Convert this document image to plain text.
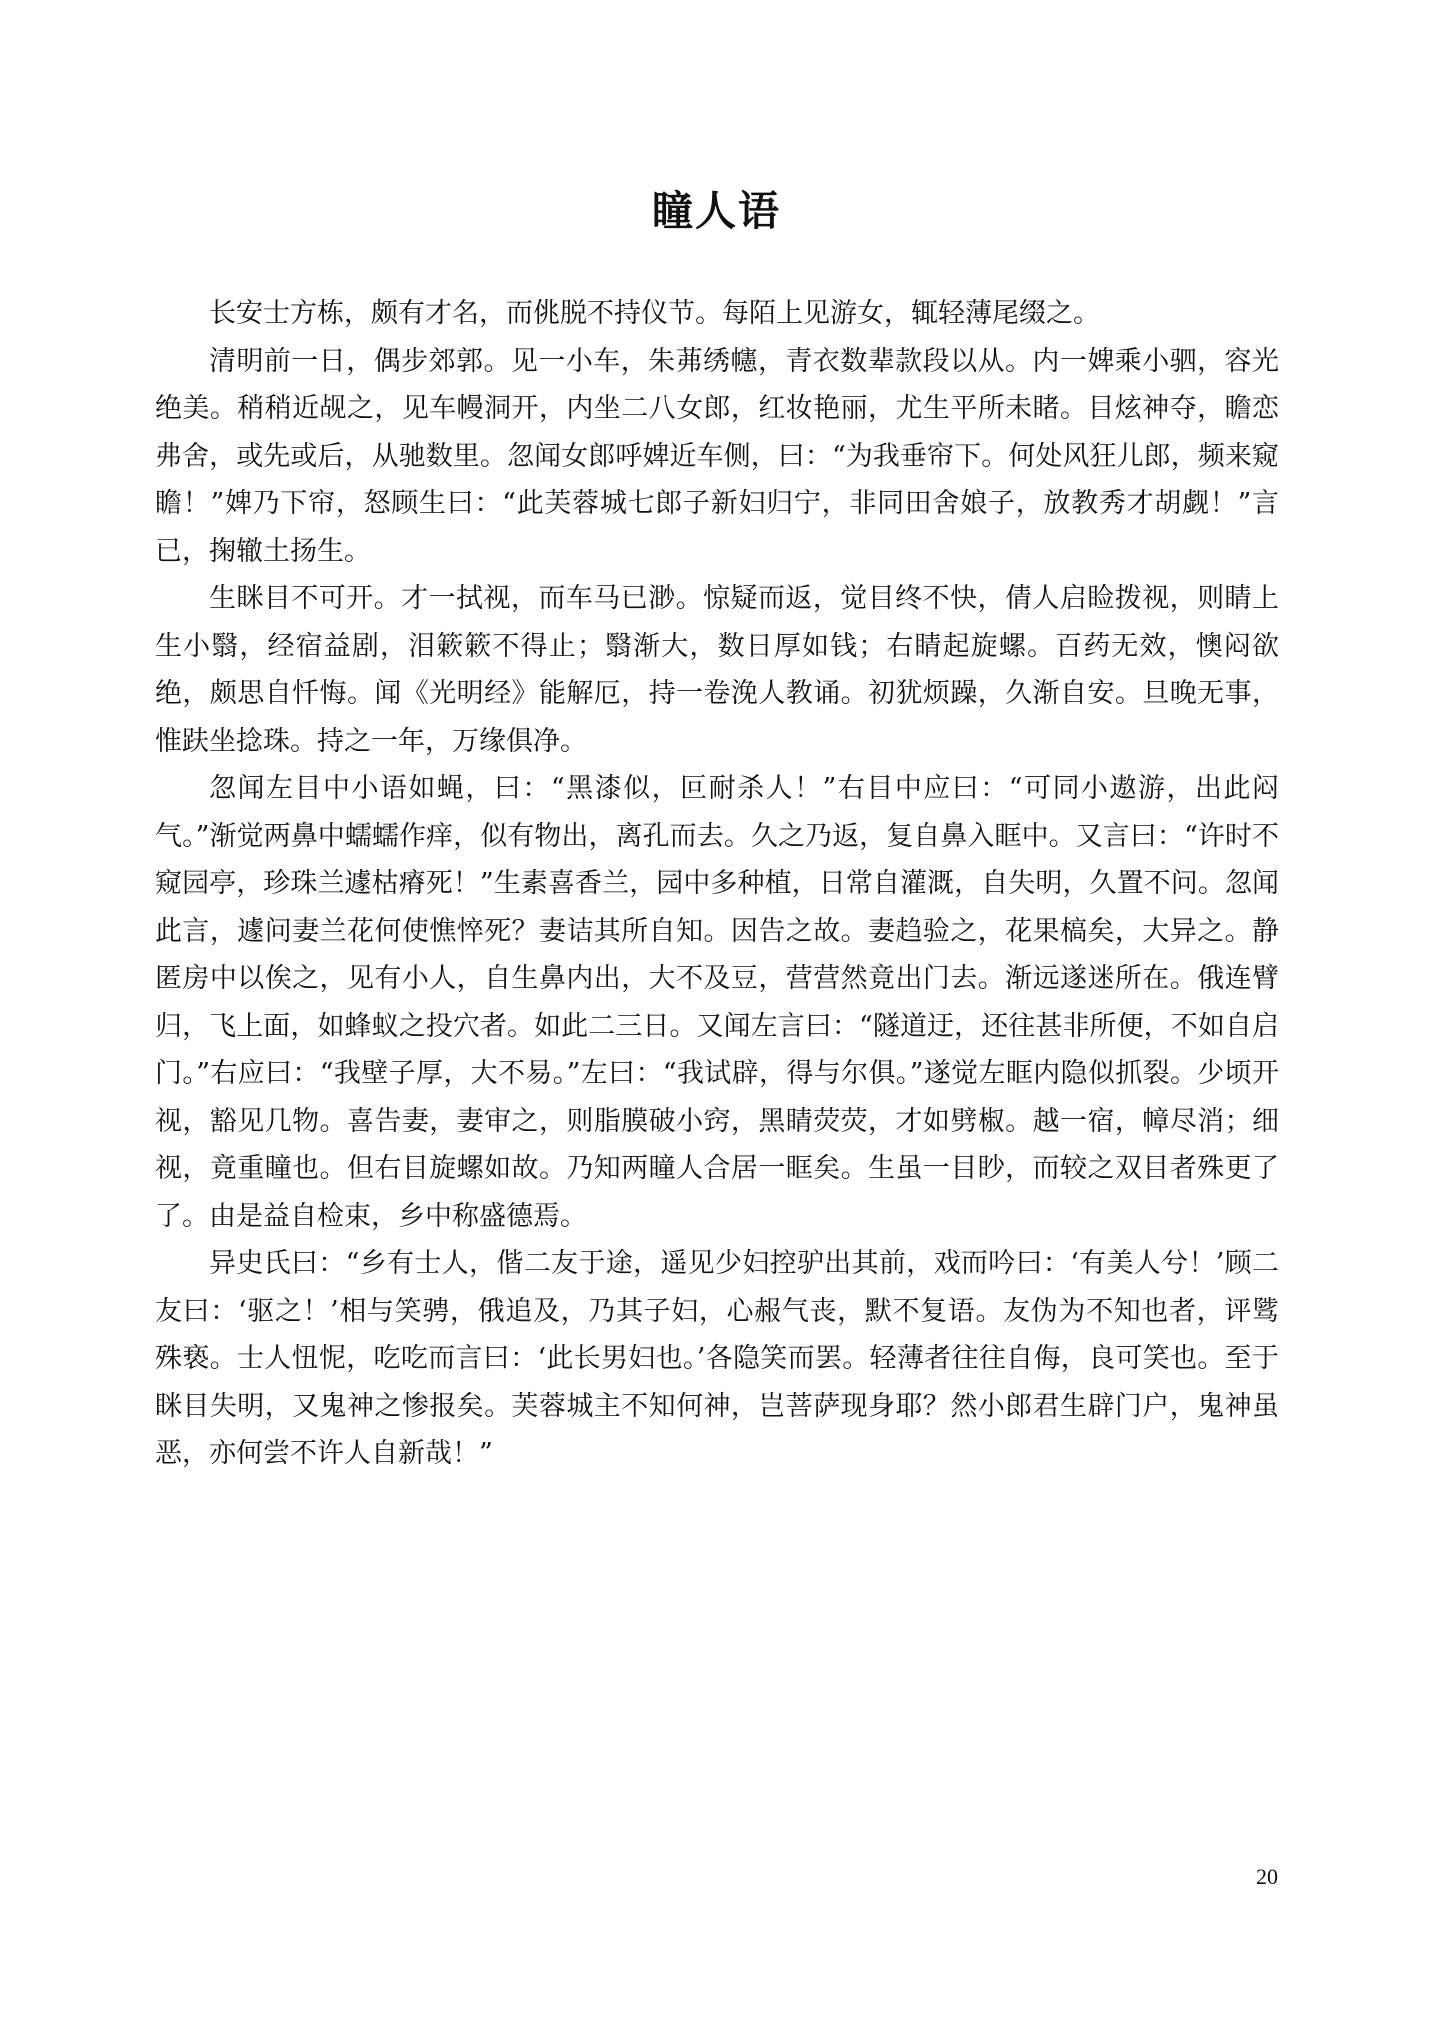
瞳人语

长安士方栋，颇有才名，而佻脱不持仪节。每陌上见游女，辄轻薄尾缀之。

清明前一日，偶步郊郭。见一小车，朱茀绣幰，青衣数辈款段以从。内一婢乘小驷，容光绝美。稍稍近觇之，见车幔洞开，内坐二八女郎，红妆艳丽，尤生平所未睹。目炫神夺，瞻恋弗舍，或先或后，从驰数里。忽闻女郎呼婢近车侧，曰：“为我垂帘下。何处风狂儿郎，频来窥瞻！”婢乃下帘，怒顾生曰：“此芙蓉城七郎子新妇归宁，非同田舍娘子，放教秀才胡觑！”言已，掬辙土扬生。

生眯目不可开。才一拭视，而车马已渺。惊疑而返，觉目终不快，倩人启睑拨视，则睛上生小翳，经宿益剧，泪簌簌不得止；翳渐大，数日厚如钱；右睛起旋螺。百药无效，懊闷欲绝，颇思自忏悔。闻《光明经》能解厄，持一卷浼人教诵。初犹烦躁，久渐自安。旦晚无事，惟趺坐捻珠。持之一年，万缘俱净。

忽闻左目中小语如蝇，曰：“黑漆似，叵耐杀人！”右目中应曰：“可同小遨游，出此闷气。”渐觉两鼻中蠕蠕作痒，似有物出，离孔而去。久之乃返，复自鼻入眶中。又言曰：“许时不窥园亭，珍珠兰遽枯瘠死！”生素喜香兰，园中多种植，日常自灌溉，自失明，久置不问。忽闻此言，遽问妻兰花何使憔悴死？妻诘其所自知。因告之故。妻趋验之，花果槁矣，大异之。静匿房中以俟之，见有小人，自生鼻内出，大不及豆，营营然竟出门去。渐远遂迷所在。俄连臂归，飞上面，如蜂蚁之投穴者。如此二三日。又闻左言曰：“隧道迂，还往甚非所便，不如自启门。”右应曰：“我壁子厚，大不易。”左曰：“我试辟，得与尔俱。”遂觉左眶内隐似抓裂。少顷开视，豁见几物。喜告妻，妻审之，则脂膜破小窍，黑睛荧荧，才如劈椒。越一宿，幛尽消；细视，竟重瞳也。但右目旋螺如故。乃知两瞳人合居一眶矣。生虽一目眇，而较之双目者殊更了了。由是益自检束，乡中称盛德焉。

异史氏曰：“乡有士人，偕二友于途，遥见少妇控驴出其前，戏而吟曰：‘有美人兮！’顾二友曰：‘驱之！’相与笑骋，俄追及，乃其子妇，心赧气丧，默不复语。友伪为不知也者，评骘殊亵。士人忸怩，吃吃而言曰：‘此长男妇也。’各隐笑而罢。轻薄者往往自侮，良可笑也。至于眯目失明，又鬼神之惨报矣。芙蓉城主不知何神，岂菩萨现身耶？然小郎君生辟门户，鬼神虽恶，亦何尝不许人自新哉！”

20
